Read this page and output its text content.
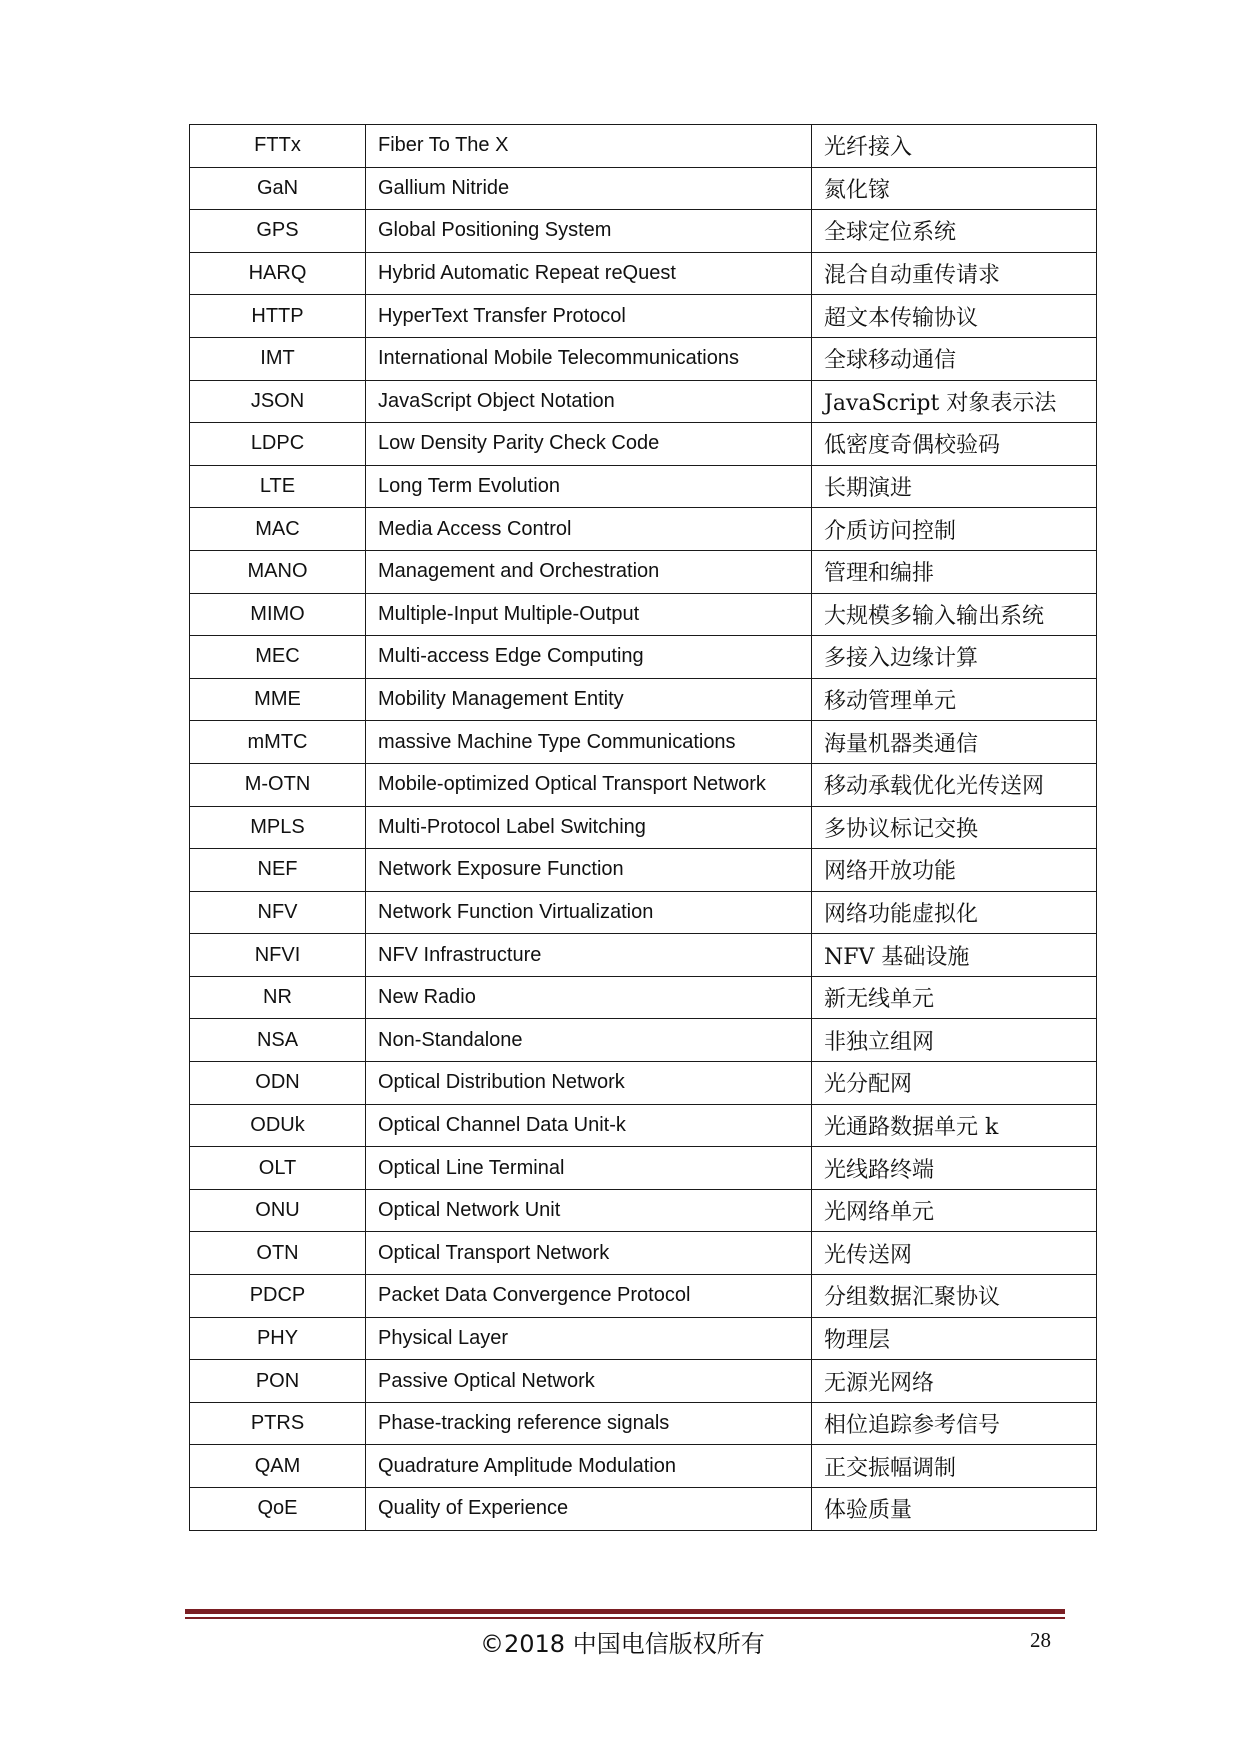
FTTx	Fiber To The X	光纤接入
GaN	Gallium Nitride	氮化镓
GPS	Global Positioning System	全球定位系统
HARQ	Hybrid Automatic Repeat reQuest	混合自动重传请求
HTTP	HyperText Transfer Protocol	超文本传输协议
IMT	International Mobile Telecommunications	全球移动通信
JSON	JavaScript Object Notation	JavaScript 对象表示法
LDPC	Low Density Parity Check Code	低密度奇偶校验码
LTE	Long Term Evolution	长期演进
MAC	Media Access Control	介质访问控制
MANO	Management and Orchestration	管理和编排
MIMO	Multiple-Input Multiple-Output	大规模多输入输出系统
MEC	Multi-access Edge Computing	多接入边缘计算
MME	Mobility Management Entity	移动管理单元
mMTC	massive Machine Type Communications	海量机器类通信
M-OTN	Mobile-optimized Optical Transport Network	移动承载优化光传送网
MPLS	Multi-Protocol Label Switching	多协议标记交换
NEF	Network Exposure Function	网络开放功能
NFV	Network Function Virtualization	网络功能虚拟化
NFVI	NFV Infrastructure	NFV 基础设施
NR	New Radio	新无线单元
NSA	Non-Standalone	非独立组网
ODN	Optical Distribution Network	光分配网
ODUk	Optical Channel Data Unit-k	光通路数据单元 k
OLT	Optical Line Terminal	光线路终端
ONU	Optical Network Unit	光网络单元
OTN	Optical Transport Network	光传送网
PDCP	Packet Data Convergence Protocol	分组数据汇聚协议
PHY	Physical Layer	物理层
PON	Passive Optical Network	无源光网络
PTRS	Phase-tracking reference signals	相位追踪参考信号
QAM	Quadrature Amplitude Modulation	正交振幅调制
QoE	Quality of Experience	体验质量
©2018 中国电信版权所有	28
